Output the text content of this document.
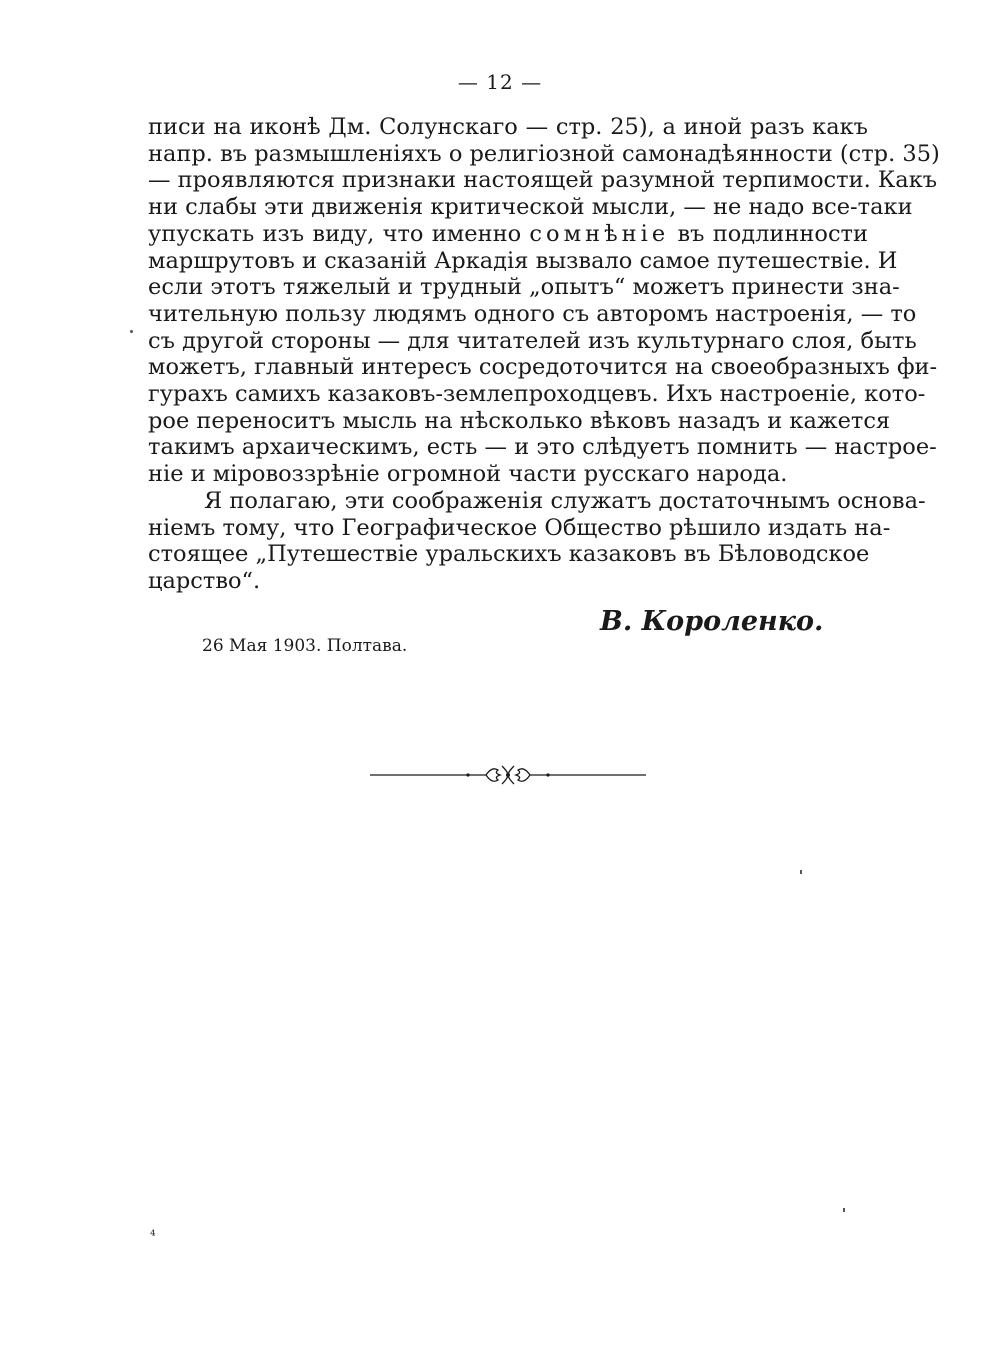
— 12 —
писи на иконѣ Дм. Солунскаго — стр. 25), а иной разъ какъ
напр. въ размышленіяхъ о религіозной самонадѣянности (стр. 35)
— проявляются признаки настоящей разумной терпимости. Какъ
ни слабы эти движенія критической мысли, — не надо все-таки
упускать изъ виду, что именно сомнѣніе въ подлинности
маршрутовъ и сказаній Аркадія вызвало самое путешествіе. И
если этотъ тяжелый и трудный „опытъ“ можетъ принести зна-
чительную пользу людямъ одного съ авторомъ настроенія, — то
съ другой стороны — для читателей изъ культурнаго слоя, быть
можетъ, главный интересъ сосредоточится на своеобразныхъ фи-
гурахъ самихъ казаковъ-землепроходцевъ. Ихъ настроеніе, кото-
рое переноситъ мысль на нѣсколько вѣковъ назадъ и кажется
такимъ архаическимъ, есть — и это слѣдуетъ помнить — настрое-
ніе и міровоззрѣніе огромной части русскаго народа.
Я полагаю, эти соображенія служатъ достаточнымъ основа-
ніемъ тому, что Географическое Общество рѣшило издать на-
стоящее „Путешествіе уральскихъ казаковъ въ Бѣловодское
царство“.
В. Короленко.
26 Мая 1903. Полтава.
⁴
